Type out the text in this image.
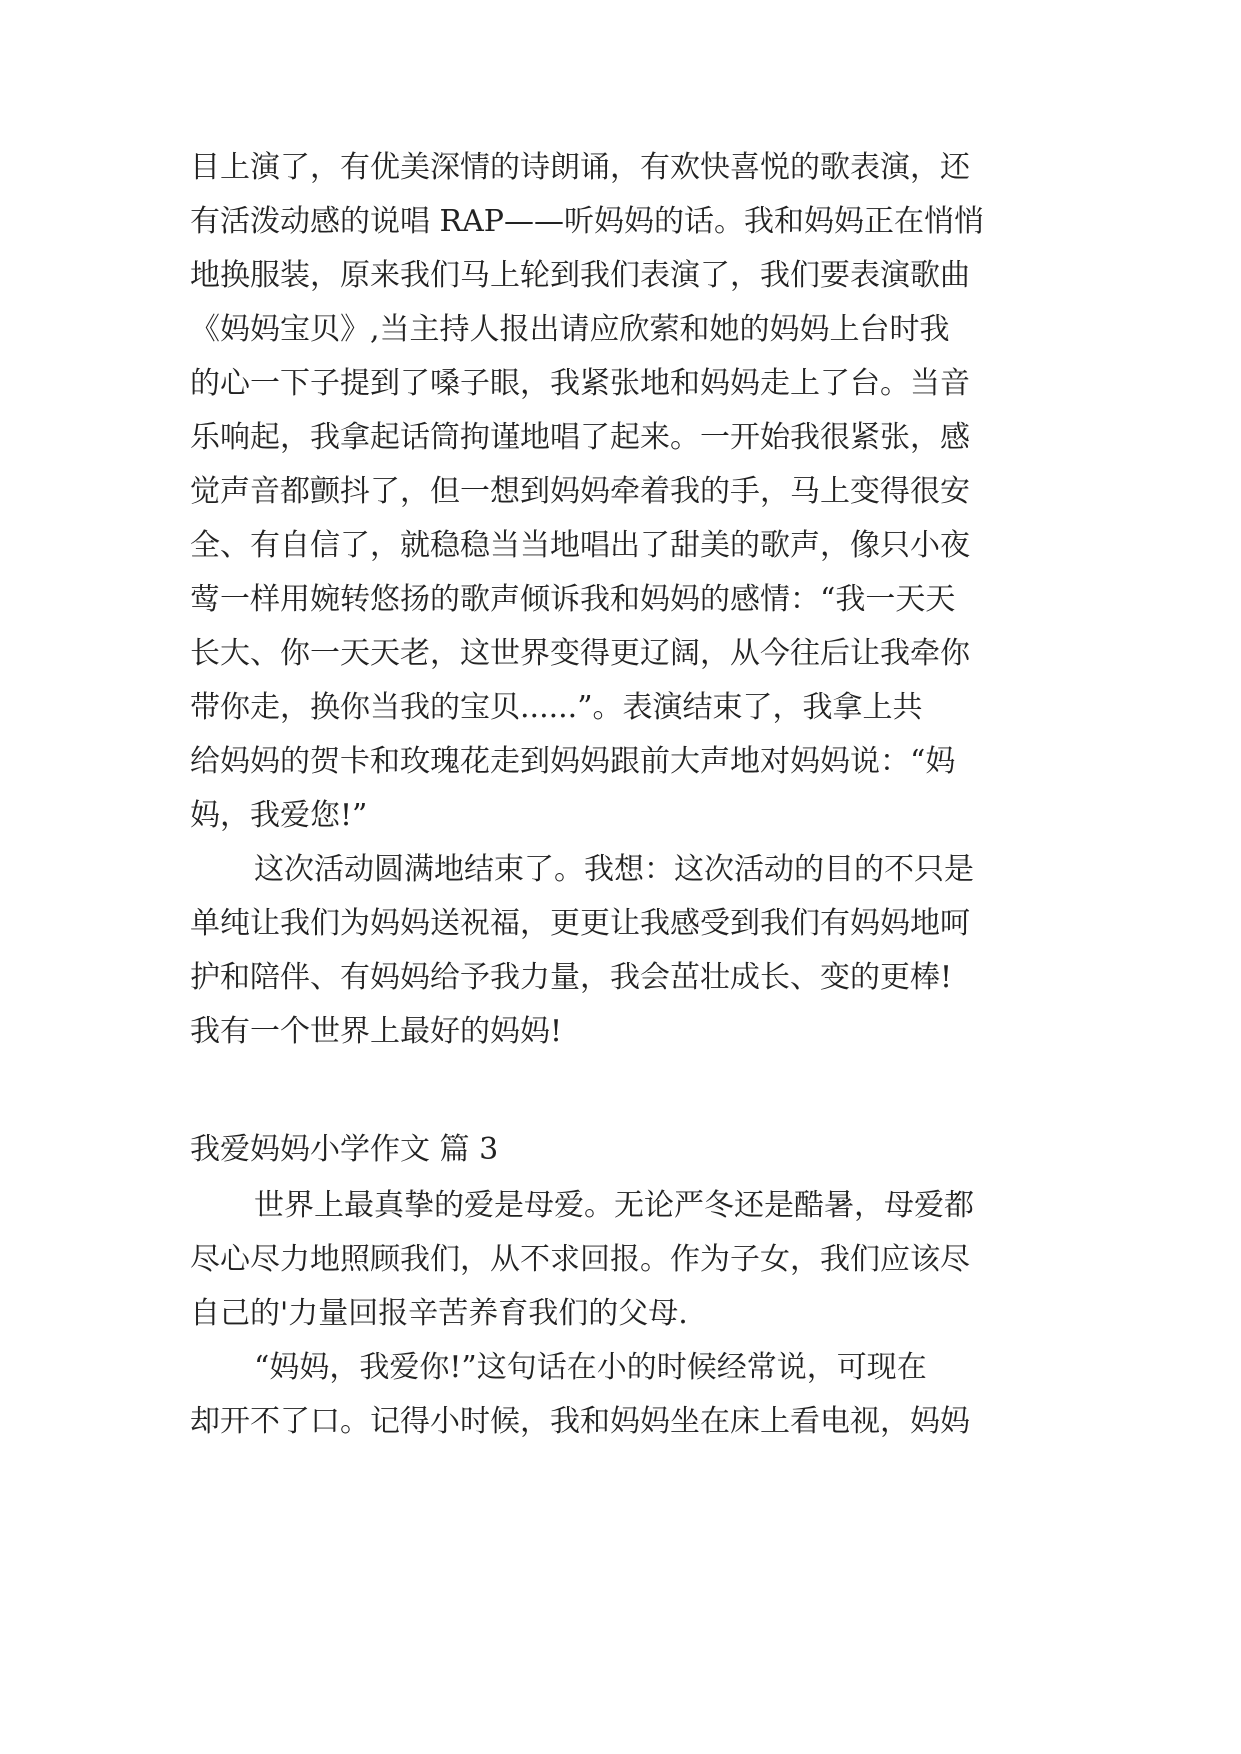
目上演了，有优美深情的诗朗诵，有欢快喜悦的歌表演，还
有活泼动感的说唱 RAP——听妈妈的话。我和妈妈正在悄悄
地换服装，原来我们马上轮到我们表演了，我们要表演歌曲
《妈妈宝贝》,当主持人报出请应欣萦和她的妈妈上台时我
的心一下子提到了嗓子眼，我紧张地和妈妈走上了台。当音
乐响起，我拿起话筒拘谨地唱了起来。一开始我很紧张，感
觉声音都颤抖了，但一想到妈妈牵着我的手，马上变得很安
全、有自信了，就稳稳当当地唱出了甜美的歌声，像只小夜
莺一样用婉转悠扬的歌声倾诉我和妈妈的感情：“我一天天
长大、你一天天老，这世界变得更辽阔，从今往后让我牵你
带你走，换你当我的宝贝......”。表演结束了，我拿上共
给妈妈的贺卡和玫瑰花走到妈妈跟前大声地对妈妈说：“妈
妈，我爱您!”
这次活动圆满地结束了。我想：这次活动的目的不只是
单纯让我们为妈妈送祝福，更更让我感受到我们有妈妈地呵
护和陪伴、有妈妈给予我力量，我会茁壮成长、变的更棒!
我有一个世界上最好的妈妈!
我爱妈妈小学作文 篇 3
世界上最真挚的爱是母爱。无论严冬还是酷暑，母爱都
尽心尽力地照顾我们，从不求回报。作为子女，我们应该尽
自己的'力量回报辛苦养育我们的父母.
“妈妈，我爱你!”这句话在小的时候经常说，可现在
却开不了口。记得小时候，我和妈妈坐在床上看电视，妈妈
